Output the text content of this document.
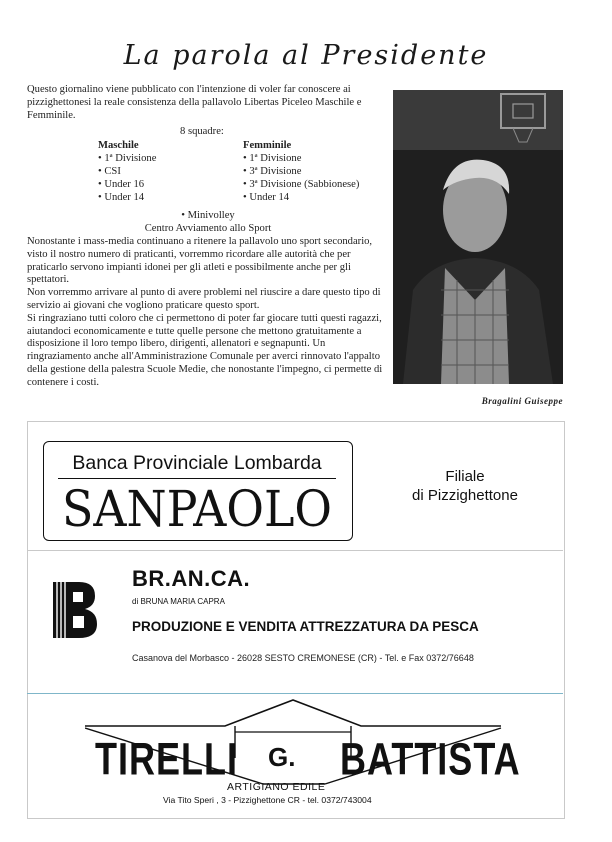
La parola al Presidente
Questo giornalino viene pubblicato con l'intenzione di voler far conoscere ai pizzighettonesi la reale consistenza della pallavolo Libertas Piceleo Maschile e Femminile.
8 squadre:
Maschile
• 1ª Divisione
• CSI
• Under 16
• Under 14
Femminile
• 1ª Divisione
• 3ª Divisione
• 3ª Divisione (Sabbionese)
• Under 14
• Minivolley
Centro Avviamento allo Sport

Nonostante i mass-media continuano a ritenere la pallavolo uno sport secondario, visto il nostro numero di praticanti, vorremmo ricordare alle autorità che per praticarlo servono impianti idonei per gli atleti e possibilmente anche per gli spettatori.

Non vorremmo arrivare al punto di avere problemi nel riuscire a dare questo tipo di servizio ai giovani che vogliono praticare questo sport.

Si ringraziano tutti coloro che ci permettono di poter far giocare tutti questi ragazzi, aiutandoci economicamente e tutte quelle persone che mettono gratuitamente a disposizione il loro tempo libero, dirigenti, allenatori e segnapunti. Un ringraziamento anche all'Amministrazione Comunale per averci rinnovato l'appalto della gestione della palestra Scuole Medie, che nonostante l'impegno, ci permette di contenere i costi.

Bragalini Guiseppe
Banca Provinciale Lombarda
SANPAOLO
Filiale
di Pizzighettone
BR.AN.CA.
di BRUNA MARIA CAPRA
PRODUZIONE E VENDITA ATTREZZATURA DA PESCA
Casanova del Morbasco - 26028 SESTO CREMONESE (CR) - Tel. e Fax 0372/76648
TIRELLI G. BATTISTA
ARTIGIANO EDILE
Via Tito Speri , 3 - Pizzighettone CR - tel. 0372/743004
